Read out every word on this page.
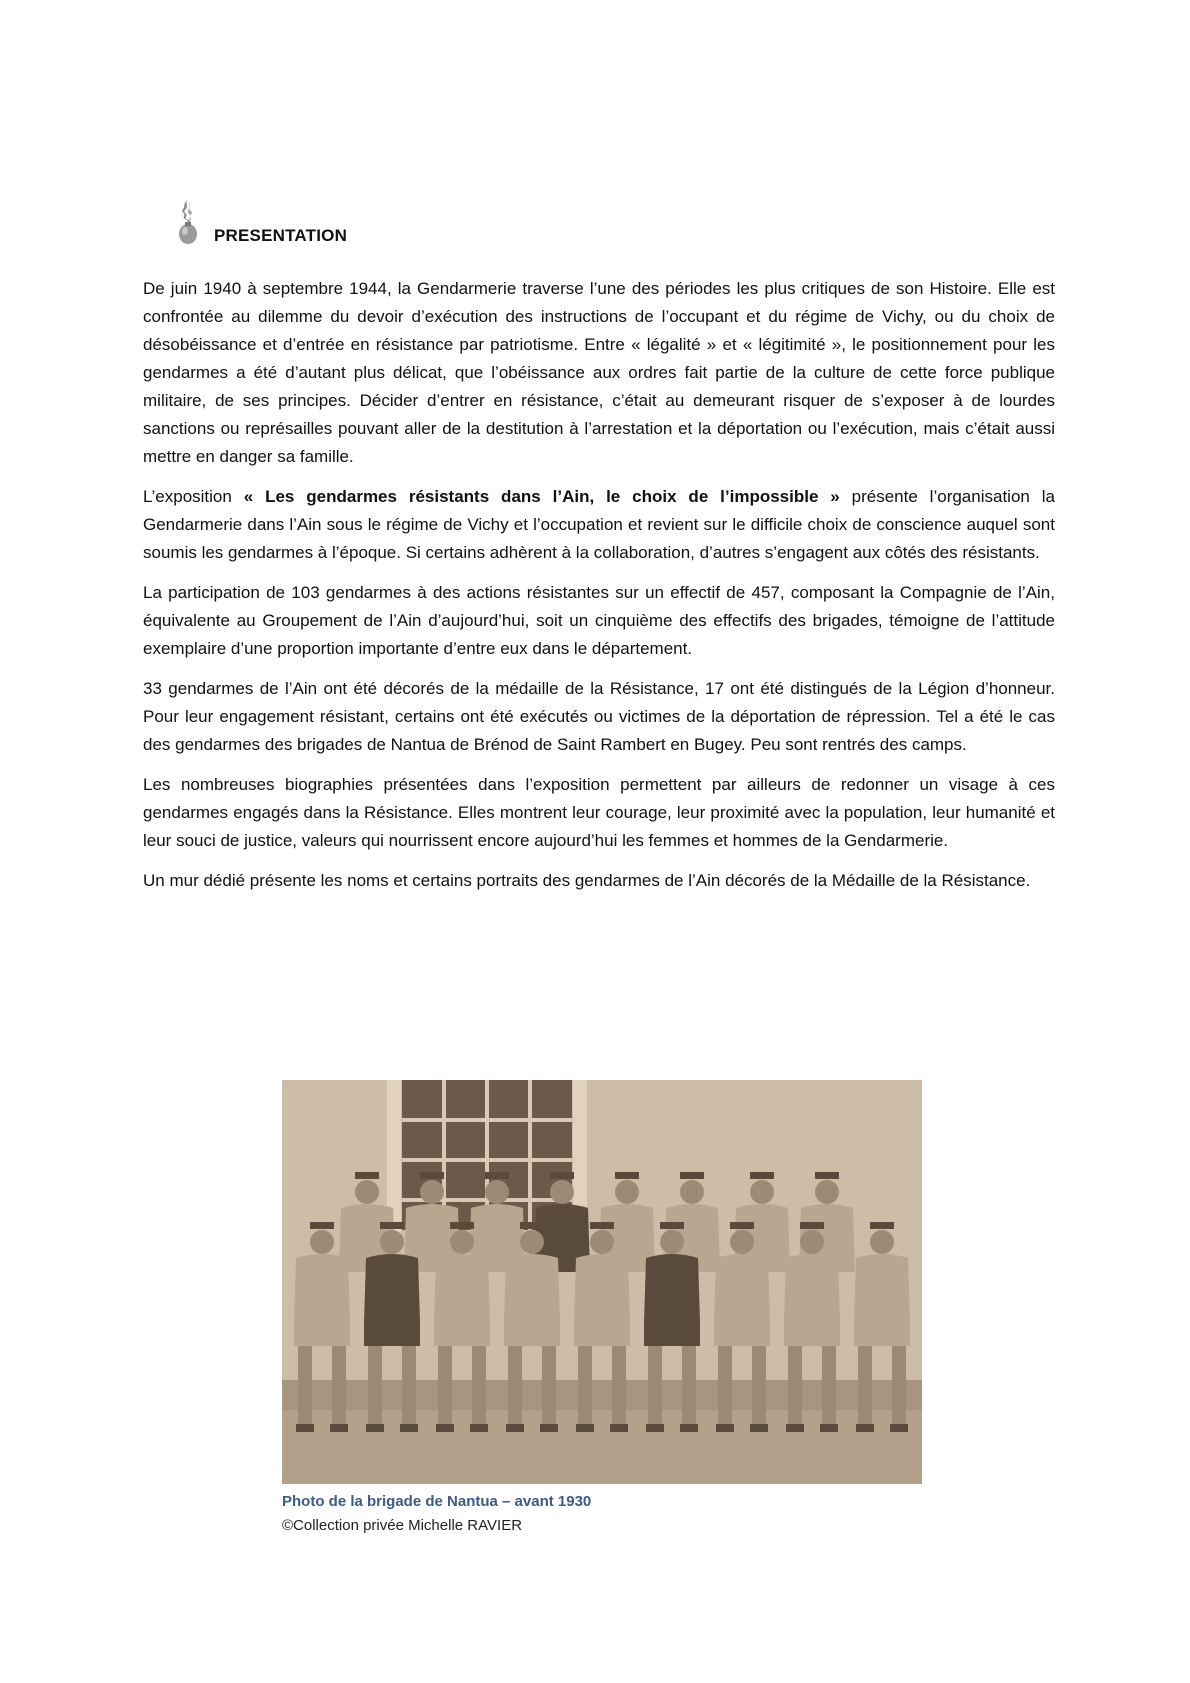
PRESENTATION

De juin 1940 à septembre 1944, la Gendarmerie traverse l’une des périodes les plus critiques de son Histoire. Elle est confrontée au dilemme du devoir d’exécution des instructions de l’occupant et du régime de Vichy, ou du choix de désobéissance et d’entrée en résistance par patriotisme. Entre « légalité » et « légitimité », le positionnement pour les gendarmes a été d’autant plus délicat, que l’obéissance aux ordres fait partie de la culture de cette force publique militaire, de ses principes. Décider d’entrer en résistance, c’était au demeurant risquer de s’exposer à de lourdes sanctions ou représailles pouvant aller de la destitution à l’arrestation et la déportation ou l’exécution, mais c’était aussi mettre en danger sa famille.

L’exposition « Les gendarmes résistants dans l’Ain, le choix de l’impossible » présente l’organisation la Gendarmerie dans l’Ain sous le régime de Vichy et l’occupation et revient sur le difficile choix de conscience auquel sont soumis les gendarmes à l’époque. Si certains adhèrent à la collaboration, d’autres s’engagent aux côtés des résistants.

La participation de 103 gendarmes à des actions résistantes sur un effectif de 457, composant la Compagnie de l’Ain, équivalente au Groupement de l’Ain d’aujourd’hui, soit un cinquième des effectifs des brigades, témoigne de l’attitude exemplaire d’une proportion importante d’entre eux dans le département.

33 gendarmes de l’Ain ont été décorés de la médaille de la Résistance, 17 ont été distingués de la Légion d’honneur. Pour leur engagement résistant, certains ont été exécutés ou victimes de la déportation de répression. Tel a été le cas des gendarmes des brigades de Nantua de Brénod de Saint Rambert en Bugey. Peu sont rentrés des camps.

Les nombreuses biographies présentées dans l’exposition permettent par ailleurs de redonner un visage à ces gendarmes engagés dans la Résistance. Elles montrent leur courage, leur proximité avec la population, leur humanité et leur souci de justice, valeurs qui nourrissent encore aujourd’hui les femmes et hommes de la Gendarmerie.

Un mur dédié présente les noms et certains portraits des gendarmes de l’Ain décorés de la Médaille de la Résistance.

Photo de la brigade de Nantua – avant 1930
©Collection privée Michelle RAVIER
